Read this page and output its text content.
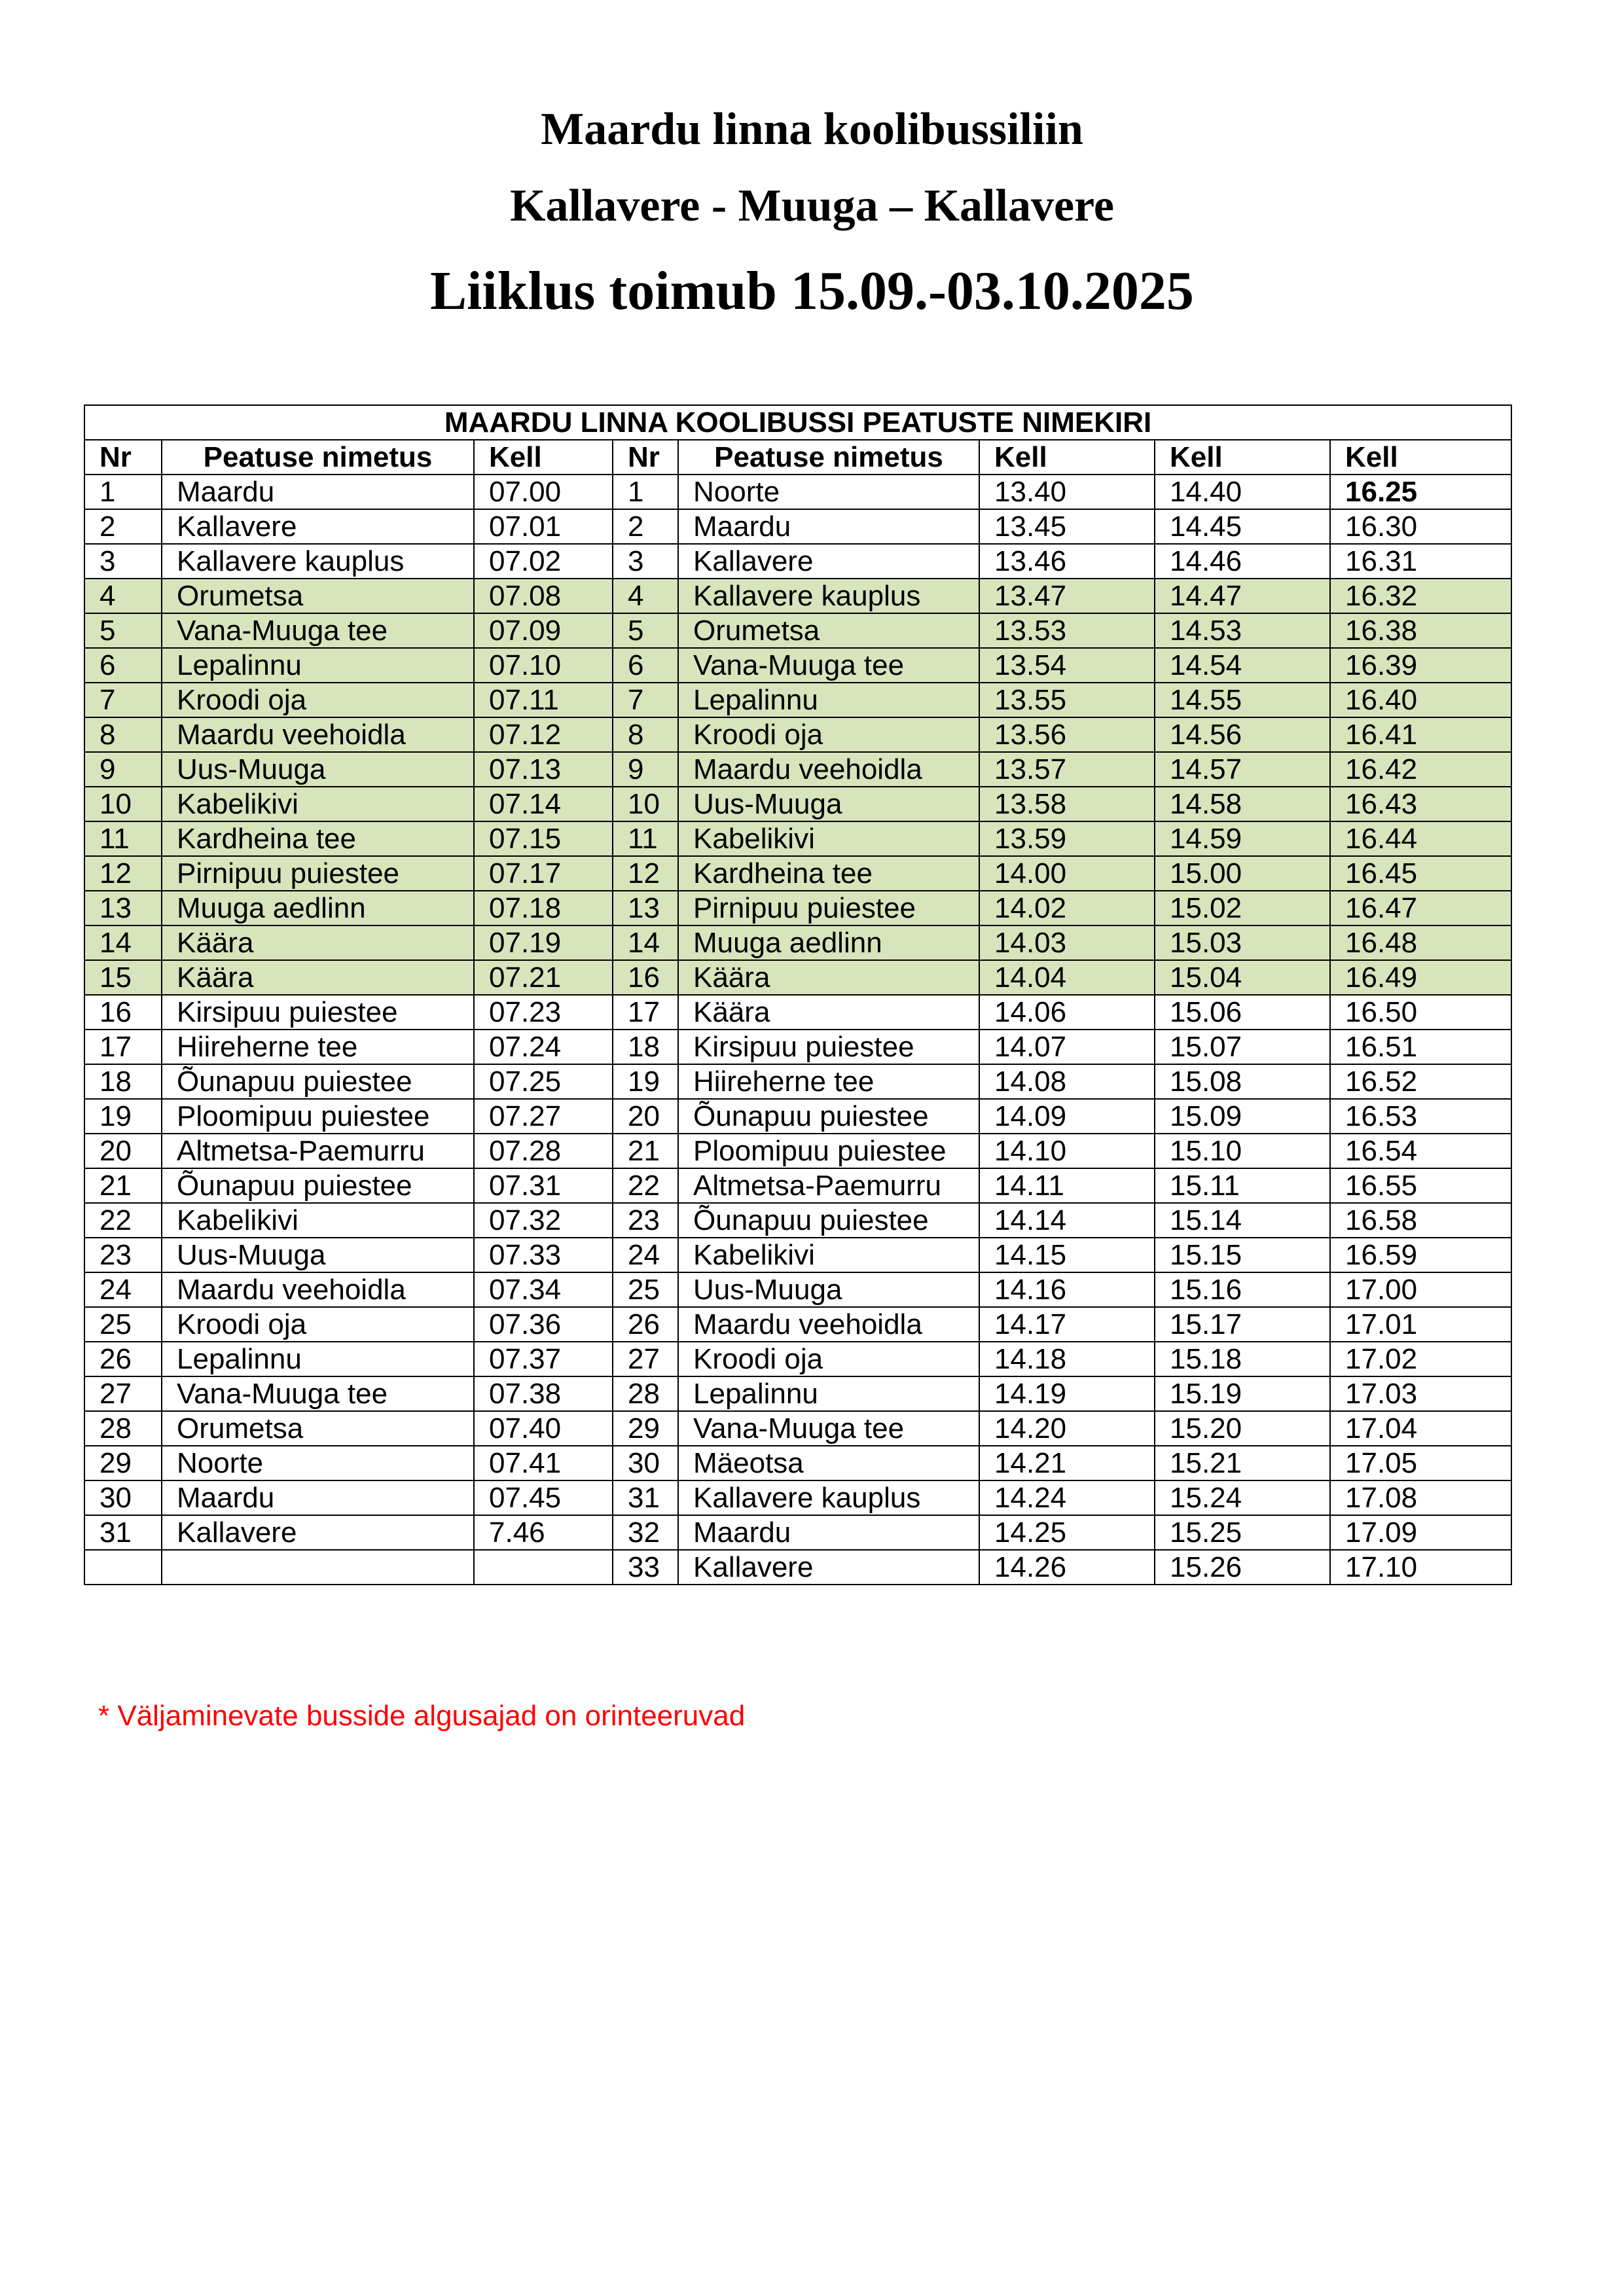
Maardu linna koolibussiliin
Kallavere - Muuga – Kallavere
Liiklus toimub 15.09.-03.10.2025
MAARDU LINNA KOOLIBUSSI PEATUSTE NIMEKIRI							
Nr	Peatuse nimetus	Kell	Nr	Peatuse nimetus	Kell	Kell	Kell
1	Maardu	07.00	1	Noorte	13.40	14.40	16.25
2	Kallavere	07.01	2	Maardu	13.45	14.45	16.30
3	Kallavere kauplus	07.02	3	Kallavere	13.46	14.46	16.31
4	Orumetsa	07.08	4	Kallavere kauplus	13.47	14.47	16.32
5	Vana-Muuga tee	07.09	5	Orumetsa	13.53	14.53	16.38
6	Lepalinnu	07.10	6	Vana-Muuga tee	13.54	14.54	16.39
7	Kroodi oja	07.11	7	Lepalinnu	13.55	14.55	16.40
8	Maardu veehoidla	07.12	8	Kroodi oja	13.56	14.56	16.41
9	Uus-Muuga	07.13	9	Maardu veehoidla	13.57	14.57	16.42
10	Kabelikivi	07.14	10	Uus-Muuga	13.58	14.58	16.43
11	Kardheina tee	07.15	11	Kabelikivi	13.59	14.59	16.44
12	Pirnipuu puiestee	07.17	12	Kardheina tee	14.00	15.00	16.45
13	Muuga aedlinn	07.18	13	Pirnipuu puiestee	14.02	15.02	16.47
14	Käära	07.19	14	Muuga aedlinn	14.03	15.03	16.48
15	Käära	07.21	16	Käära	14.04	15.04	16.49
16	Kirsipuu puiestee	07.23	17	Käära	14.06	15.06	16.50
17	Hiireherne tee	07.24	18	Kirsipuu puiestee	14.07	15.07	16.51
18	Õunapuu puiestee	07.25	19	Hiireherne tee	14.08	15.08	16.52
19	Ploomipuu puiestee	07.27	20	Õunapuu puiestee	14.09	15.09	16.53
20	Altmetsa-Paemurru	07.28	21	Ploomipuu puiestee	14.10	15.10	16.54
21	Õunapuu puiestee	07.31	22	Altmetsa-Paemurru	14.11	15.11	16.55
22	Kabelikivi	07.32	23	Õunapuu puiestee	14.14	15.14	16.58
23	Uus-Muuga	07.33	24	Kabelikivi	14.15	15.15	16.59
24	Maardu veehoidla	07.34	25	Uus-Muuga	14.16	15.16	17.00
25	Kroodi oja	07.36	26	Maardu veehoidla	14.17	15.17	17.01
26	Lepalinnu	07.37	27	Kroodi oja	14.18	15.18	17.02
27	Vana-Muuga tee	07.38	28	Lepalinnu	14.19	15.19	17.03
28	Orumetsa	07.40	29	Vana-Muuga tee	14.20	15.20	17.04
29	Noorte	07.41	30	Mäeotsa	14.21	15.21	17.05
30	Maardu	07.45	31	Kallavere kauplus	14.24	15.24	17.08
31	Kallavere	7.46	32	Maardu	14.25	15.25	17.09
			33	Kallavere	14.26	15.26	17.10
* Väljaminevate busside algusajad on orinteeruvad
